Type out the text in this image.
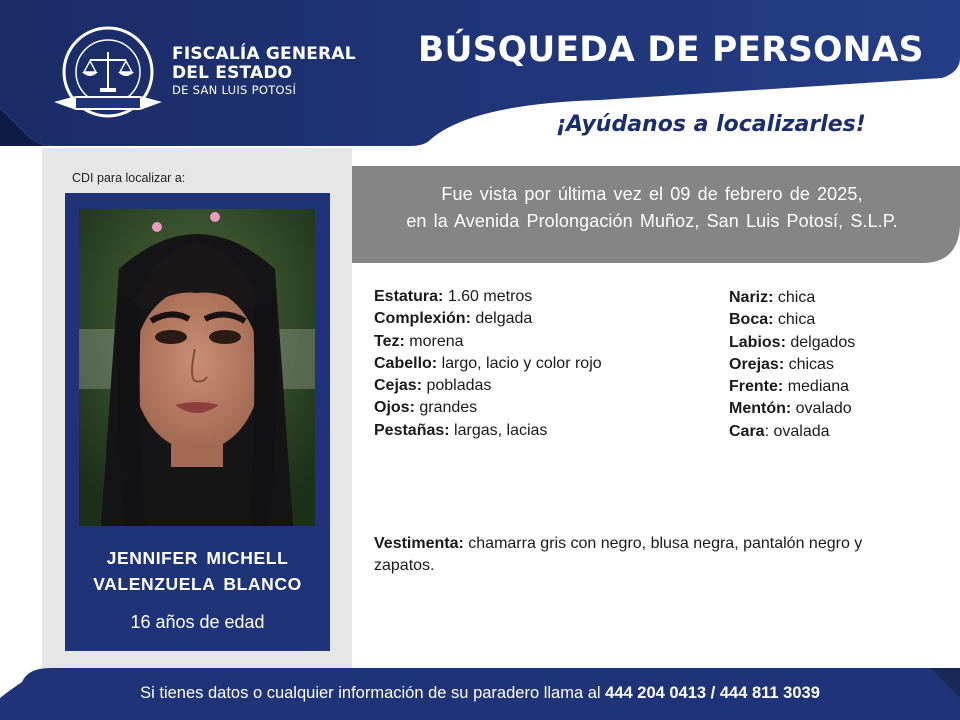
FISCALÍA GENERAL
DEL ESTADO
DE SAN LUIS POTOSÍ
BÚSQUEDA DE PERSONAS
¡Ayúdanos a localizarles!
CDI para localizar a:
JENNIFER MICHELL
VALENZUELA BLANCO
16 años de edad
Fue vista por última vez el 09 de febrero de 2025,
en la Avenida Prolongación Muñoz, San Luis Potosí, S.L.P.
Estatura: 1.60 metros
Complexión: delgada
Tez: morena
Cabello: largo, lacio y color rojo
Cejas: pobladas
Ojos: grandes
Pestañas: largas, lacias
Nariz: chica
Boca: chica
Labios: delgados
Orejas: chicas
Frente: mediana
Mentón: ovalado
Cara: ovalada
Vestimenta: chamarra gris con negro, blusa negra, pantalón negro y zapatos.
Si tienes datos o cualquier información de su paradero llama al 444 204 0413 / 444 811 3039
